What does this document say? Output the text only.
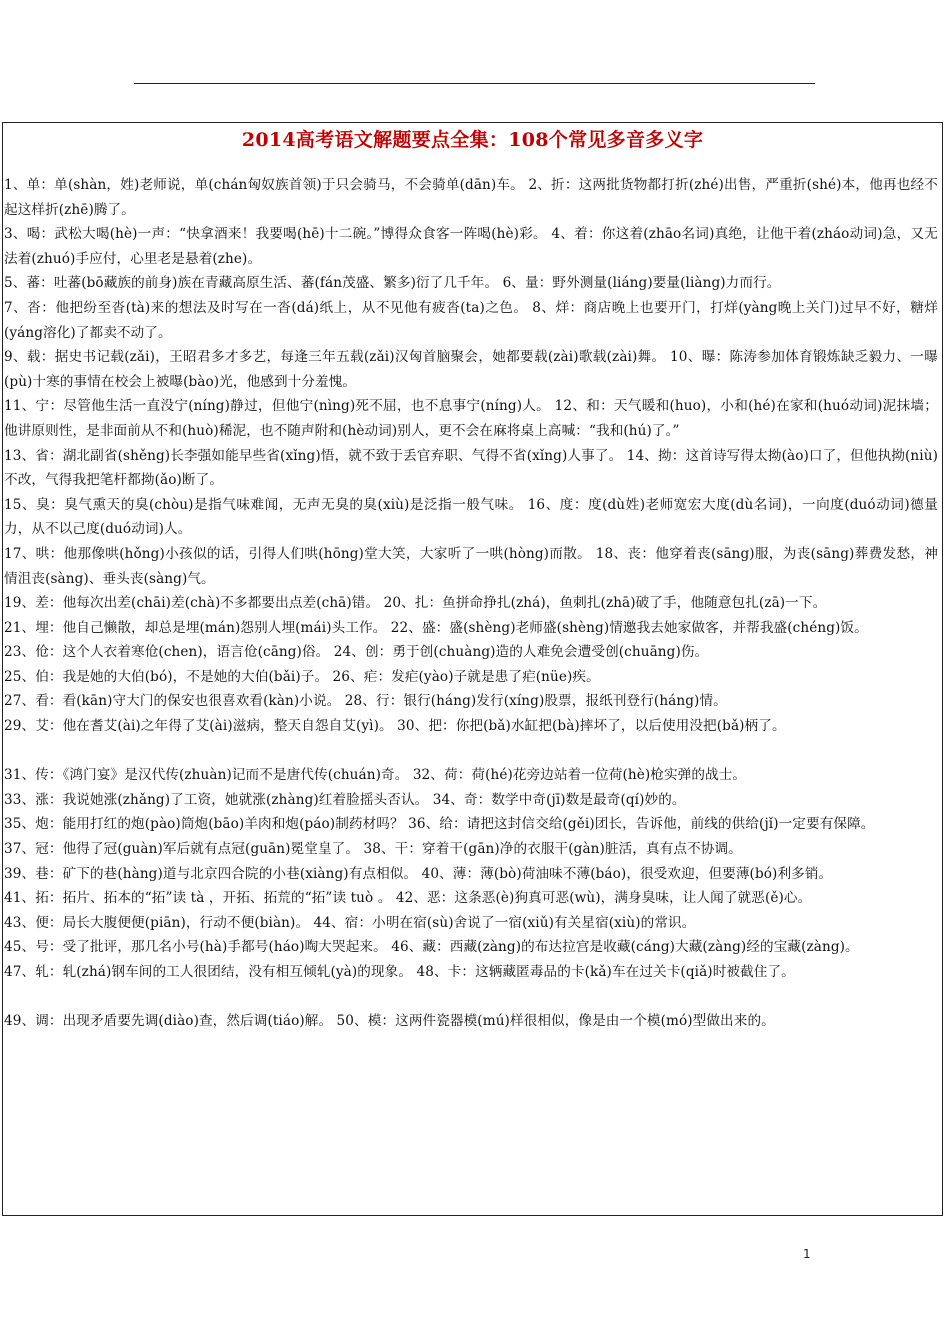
2014高考语文解题要点全集：108个常见多音多义字
1、单：单(shàn，姓)老师说，单(chán匈奴族首领)于只会骑马，不会骑单(dān)车。 2、折：这两批货物都打折(zhé)出售，严重折(shé)本，他再也经不起这样折(zhē)腾了。
3、喝：武松大喝(hè)一声：“快拿酒来！我要喝(hē)十二碗。”博得众食客一阵喝(hè)彩。 4、着：你这着(zhāo名词)真绝，让他干着(zháo动词)急，又无法着(zhuó)手应付，心里老是悬着(zhe)。
5、蕃：吐蕃(bō藏族的前身)族在青藏高原生活、蕃(fán茂盛、繁多)衍了几千年。 6、量：野外测量(liáng)要量(liàng)力而行。
7、沓：他把纷至沓(tà)来的想法及时写在一沓(dá)纸上，从不见他有疲沓(ta)之色。 8、烊：商店晚上也要开门，打烊(yàng晚上关门)过早不好，糖烊(yáng溶化)了都卖不动了。
9、载：据史书记载(zǎi)，王昭君多才多艺，每逢三年五载(zǎi)汉匈首脑聚会，她都要载(zài)歌载(zài)舞。 10、曝：陈涛参加体育锻炼缺乏毅力、一曝(pù)十寒的事情在校会上被曝(bào)光，他感到十分羞愧。
11、宁：尽管他生活一直没宁(níng)静过，但他宁(nìng)死不屈，也不息事宁(níng)人。 12、和：天气暖和(huo)，小和(hé)在家和(huó动词)泥抹墙；他讲原则性，是非面前从不和(huò)稀泥，也不随声附和(hè动词)别人，更不会在麻将桌上高喊：“我和(hú)了。”
13、省：湖北副省(shěng)长李强如能早些省(xǐng)悟，就不致于丢官弃职、气得不省(xǐng)人事了。 14、拗：这首诗写得太拗(ào)口了，但他执拗(niù)不改，气得我把笔杆都拗(ǎo)断了。
15、臭：臭气熏天的臭(chòu)是指气味难闻，无声无臭的臭(xiù)是泛指一般气味。 16、度：度(dù姓)老师宽宏大度(dù名词)，一向度(duó动词)德量力，从不以己度(duó动词)人。
17、哄：他那像哄(hǒng)小孩似的话，引得人们哄(hōng)堂大笑，大家听了一哄(hòng)而散。 18、丧：他穿着丧(sāng)服，为丧(sāng)葬费发愁，神情沮丧(sàng)、垂头丧(sàng)气。
19、差：他每次出差(chāi)差(chà)不多都要出点差(chā)错。 20、扎：鱼拼命挣扎(zhá)，鱼刺扎(zhā)破了手，他随意包扎(zā)一下。
21、埋：他自己懒散，却总是埋(mán)怨别人埋(mái)头工作。 22、盛：盛(shèng)老师盛(shèng)情邀我去她家做客，并帮我盛(chéng)饭。
23、伧：这个人衣着寒伧(chen)，语言伧(cāng)俗。 24、创：勇于创(chuàng)造的人难免会遭受创(chuāng)伤。
25、伯：我是她的大伯(bó)，不是她的大伯(bǎi)子。 26、疟：发疟(yào)子就是患了疟(nüe)疾。
27、看：看(kān)守大门的保安也很喜欢看(kàn)小说。 28、行：银行(háng)发行(xíng)股票，报纸刊登行(háng)情。
29、艾：他在耆艾(ài)之年得了艾(ài)滋病，整天自怨自艾(yì)。 30、把：你把(bǎ)水缸把(bà)摔坏了，以后使用没把(bǎ)柄了。
31、传：《鸿门宴》是汉代传(zhuàn)记而不是唐代传(chuán)奇。 32、荷：荷(hé)花旁边站着一位荷(hè)枪实弹的战士。
33、涨：我说她涨(zhǎng)了工资，她就涨(zhàng)红着脸摇头否认。 34、奇：数学中奇(jī)数是最奇(qí)妙的。
35、炮：能用打红的炮(pào)筒炮(bāo)羊肉和炮(páo)制药材吗？ 36、给：请把这封信交给(gěi)团长，告诉他，前线的供给(jǐ)一定要有保障。
37、冠：他得了冠(guàn)军后就有点冠(guān)冕堂皇了。 38、干：穿着干(gān)净的衣服干(gàn)脏活，真有点不协调。
39、巷：矿下的巷(hàng)道与北京四合院的小巷(xiàng)有点相似。 40、薄：薄(bò)荷油味不薄(báo)，很受欢迎，但要薄(bó)利多销。
41、拓：拓片、拓本的“拓”读 tà ，开拓、拓荒的“拓”读 tuò 。 42、恶：这条恶(è)狗真可恶(wù)，满身臭味，让人闻了就恶(ě)心。
43、便：局长大腹便便(piān)，行动不便(biàn)。 44、宿：小明在宿(sù)舍说了一宿(xiǔ)有关星宿(xiù)的常识。
45、号：受了批评，那几名小号(hà)手都号(háo)啕大哭起来。 46、藏：西藏(zàng)的布达拉宫是收藏(cáng)大藏(zàng)经的宝藏(zàng)。
47、轧：轧(zhá)钢车间的工人很团结，没有相互倾轧(yà)的现象。 48、卡：这辆藏匿毒品的卡(kǎ)车在过关卡(qiǎ)时被截住了。
49、调：出现矛盾要先调(diào)查，然后调(tiáo)解。 50、模：这两件瓷器模(mú)样很相似，像是由一个模(mó)型做出来的。
1
